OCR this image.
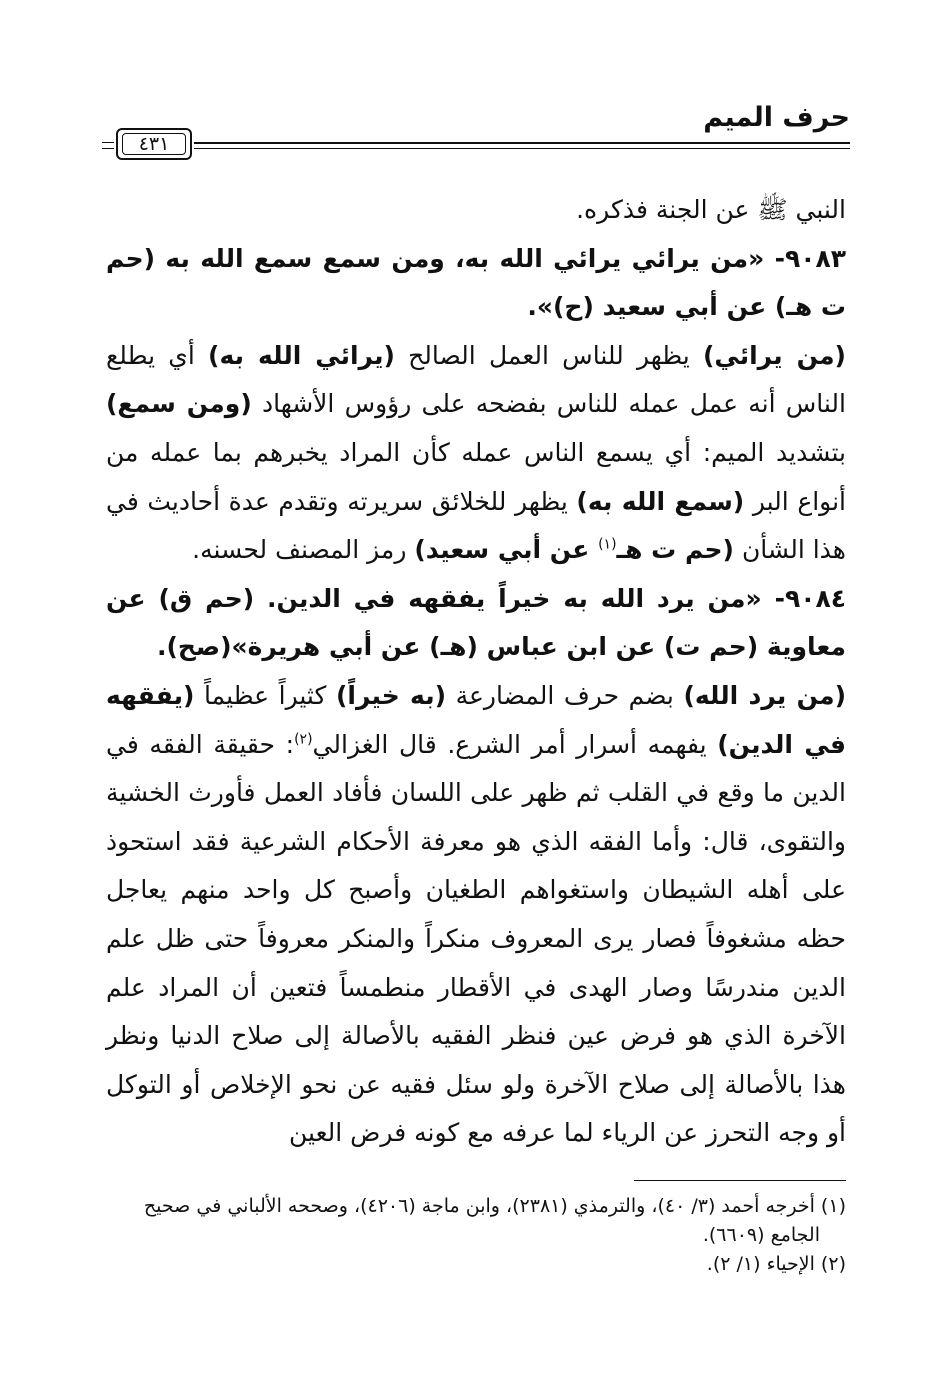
حرف الميم
٤٣١

النبي ﷺ عن الجنة فذكره.

٩٠٨٣- «من يرائي يرائي الله به، ومن سمع سمع الله به (حم ت هـ) عن أبي سعيد (ح)».

(من يرائي) يظهر للناس العمل الصالح (يرائي الله به) أي يطلع الناس أنه عمل عمله للناس بفضحه على رؤوس الأشهاد (ومن سمع) بتشديد الميم: أي يسمع الناس عمله كأن المراد يخبرهم بما عمله من أنواع البر (سمع الله به) يظهر للخلائق سريرته وتقدم عدة أحاديث في هذا الشأن (حم ت هـ$^{(١)}$ عن أبي سعيد) رمز المصنف لحسنه.

٩٠٨٤- «من يرد الله به خيراً يفقهه في الدين. (حم ق) عن معاوية (حم ت) عن ابن عباس (هـ) عن أبي هريرة»(صح).

(من يرد الله) بضم حرف المضارعة (به خيراً) كثيراً عظيماً (يفقهه في الدين) يفهمه أسرار أمر الشرع. قال الغزالي$^{(٢)}$: حقيقة الفقه في الدين ما وقع في القلب ثم ظهر على اللسان فأفاد العمل فأورث الخشية والتقوى، قال: وأما الفقه الذي هو معرفة الأحكام الشرعية فقد استحوذ على أهله الشيطان واستغواهم الطغيان وأصبح كل واحد منهم يعاجل حظه مشغوفاً فصار يرى المعروف منكراً والمنكر معروفاً حتى ظل علم الدين مندرسًا وصار الهدى في الأقطار منطمساً فتعين أن المراد علم الآخرة الذي هو فرض عين فنظر الفقيه بالأصالة إلى صلاح الدنيا ونظر هذا بالأصالة إلى صلاح الآخرة ولو سئل فقيه عن نحو الإخلاص أو التوكل أو وجه التحرز عن الرياء لما عرفه مع كونه فرض العين

(١) أخرجه أحمد (٣/ ٤٠)، والترمذي (٢٣٨١)، وابن ماجة (٤٢٠٦)، وصححه الألباني في صحيح

الجامع (٦٦٠٩).

(٢) الإحياء (١/ ٢).
